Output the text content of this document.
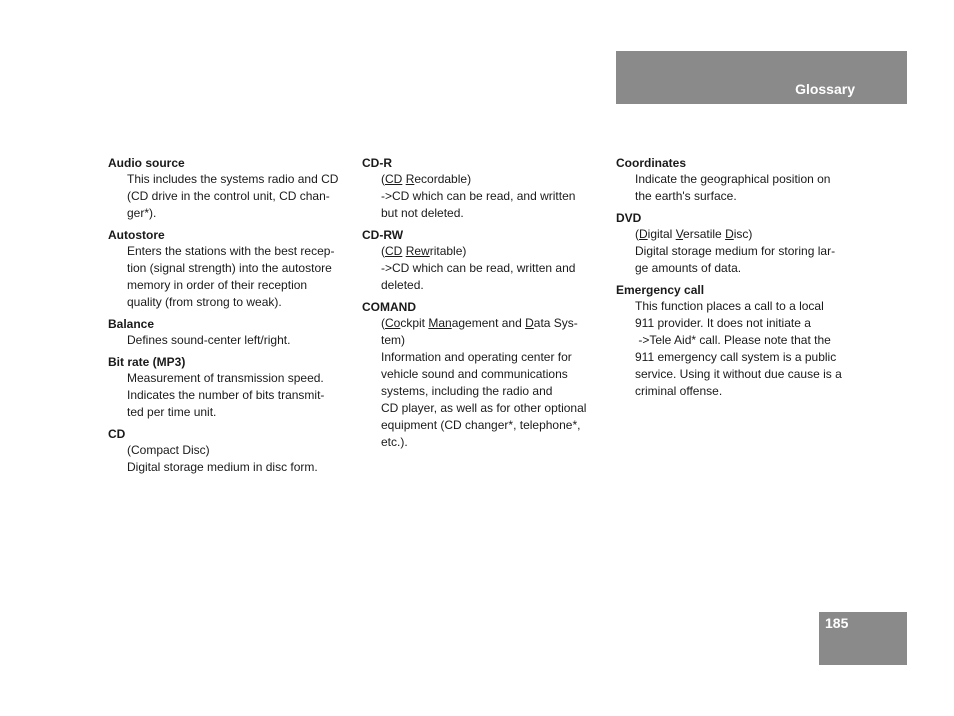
Glossary
Audio source
This includes the systems radio and CD
(CD drive in the control unit, CD chan-
ger*).
Autostore
Enters the stations with the best recep-
tion (signal strength) into the autostore
memory in order of their reception
quality (from strong to weak).
Balance
Defines sound-center left/right.
Bit rate (MP3)
Measurement of transmission speed.
Indicates the number of bits transmit-
ted per time unit.
CD
(Compact Disc)
Digital storage medium in disc form.
CD-R
(CD Recordable)
->CD which can be read, and written
but not deleted.
CD-RW
(CD Rewritable)
->CD which can be read, written and
deleted.
COMAND
(Cockpit Management and Data Sys-
tem)
Information and operating center for
vehicle sound and communications
systems, including the radio and
CD player, as well as for other optional
equipment (CD changer*, telephone*,
etc.).
Coordinates
Indicate the geographical position on
the earth's surface.
DVD
(Digital Versatile Disc)
Digital storage medium for storing lar-
ge amounts of data.
Emergency call
This function places a call to a local
911 provider. It does not initiate a
->Tele Aid* call. Please note that the
911 emergency call system is a public
service. Using it without due cause is a
criminal offense.
185
